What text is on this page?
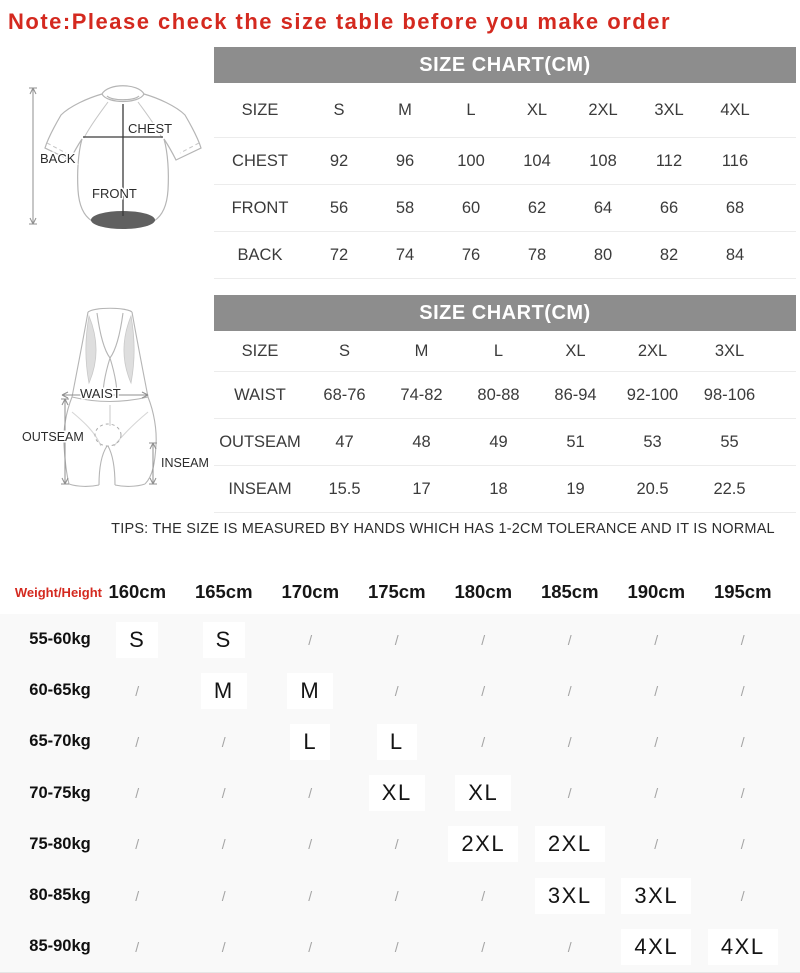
Note:Please check the size table before you make order
BACK
CHEST
FRONT
WAIST
OUTSEAM
INSEAM
SIZE CHART(CM)
SIZE	S	M	L	XL	2XL	3XL	4XL
CHEST	92	96	100	104	108	112	116
FRONT	56	58	60	62	64	66	68
BACK	72	74	76	78	80	82	84
SIZE CHART(CM)
SIZE	S	M	L	XL	2XL	3XL
WAIST	68-76	74-82	80-88	86-94	92-100	98-106
OUTSEAM	47	48	49	51	53	55
INSEAM	15.5	17	18	19	20.5	22.5
TIPS: THE SIZE IS MEASURED BY HANDS WHICH HAS 1-2CM TOLERANCE AND IT IS NORMAL
Weight/Height 160cm	165cm	170cm	175cm	180cm	185cm	190cm	195cm
55-60kg	S	S	/	/	/	/	/	/
60-65kg	/	M	M	/	/	/	/	/
65-70kg	/	/	L	L	/	/	/	/
70-75kg	/	/	/	XL	XL	/	/	/
75-80kg	/	/	/	/	2XL	2XL	/	/
80-85kg	/	/	/	/	/	3XL	3XL	/
85-90kg	/	/	/	/	/	/	4XL	4XL
